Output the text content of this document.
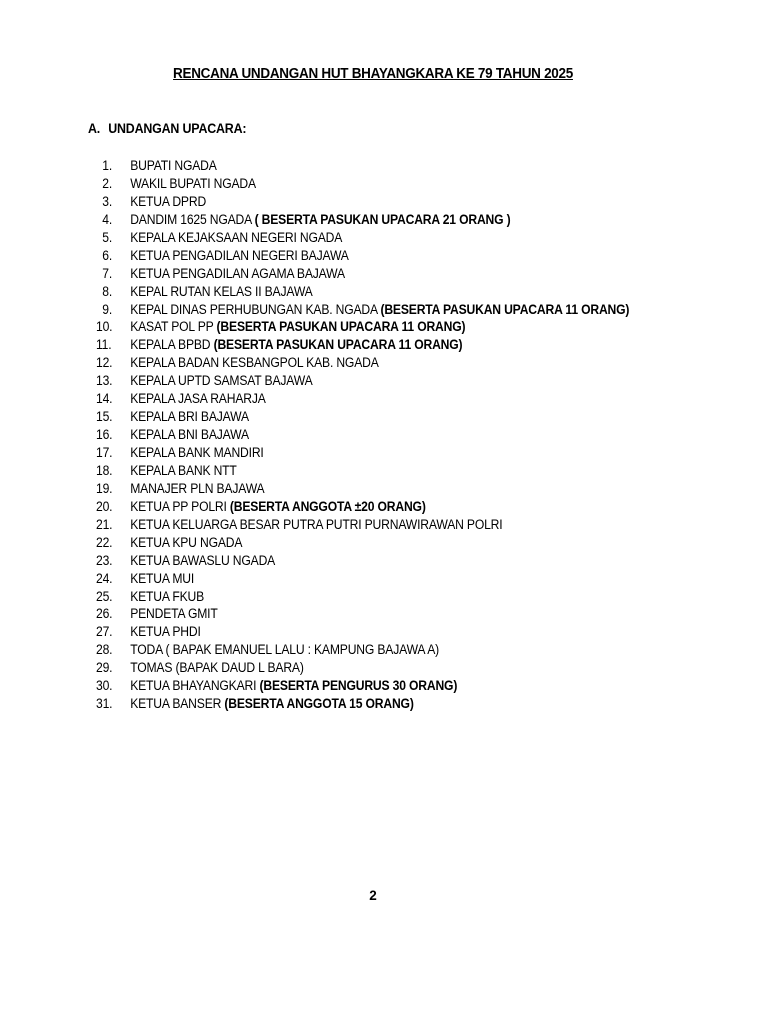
RENCANA UNDANGAN HUT BHAYANGKARA KE 79 TAHUN 2025
A. UNDANGAN UPACARA:
1. BUPATI NGADA
2. WAKIL BUPATI NGADA
3. KETUA DPRD
4. DANDIM 1625 NGADA ( BESERTA PASUKAN UPACARA 21 ORANG )
5. KEPALA KEJAKSAAN NEGERI NGADA
6. KETUA PENGADILAN NEGERI BAJAWA
7. KETUA PENGADILAN AGAMA BAJAWA
8. KEPAL RUTAN KELAS II BAJAWA
9. KEPAL DINAS PERHUBUNGAN KAB. NGADA (BESERTA PASUKAN UPACARA 11 ORANG)
10. KASAT POL PP (BESERTA PASUKAN UPACARA 11 ORANG)
11. KEPALA BPBD (BESERTA PASUKAN UPACARA 11 ORANG)
12. KEPALA BADAN KESBANGPOL KAB. NGADA
13. KEPALA UPTD SAMSAT BAJAWA
14. KEPALA JASA RAHARJA
15. KEPALA BRI BAJAWA
16. KEPALA BNI BAJAWA
17. KEPALA BANK MANDIRI
18. KEPALA BANK NTT
19. MANAJER PLN BAJAWA
20. KETUA PP POLRI (BESERTA ANGGOTA ±20 ORANG)
21. KETUA KELUARGA BESAR PUTRA PUTRI PURNAWIRAWAN POLRI
22. KETUA KPU NGADA
23. KETUA BAWASLU NGADA
24. KETUA MUI
25. KETUA FKUB
26. PENDETA GMIT
27. KETUA PHDI
28. TODA ( BAPAK EMANUEL LALU : KAMPUNG BAJAWA A)
29. TOMAS (BAPAK DAUD L BARA)
30. KETUA BHAYANGKARI (BESERTA PENGURUS 30 ORANG)
31. KETUA BANSER (BESERTA ANGGOTA 15 ORANG)
2
